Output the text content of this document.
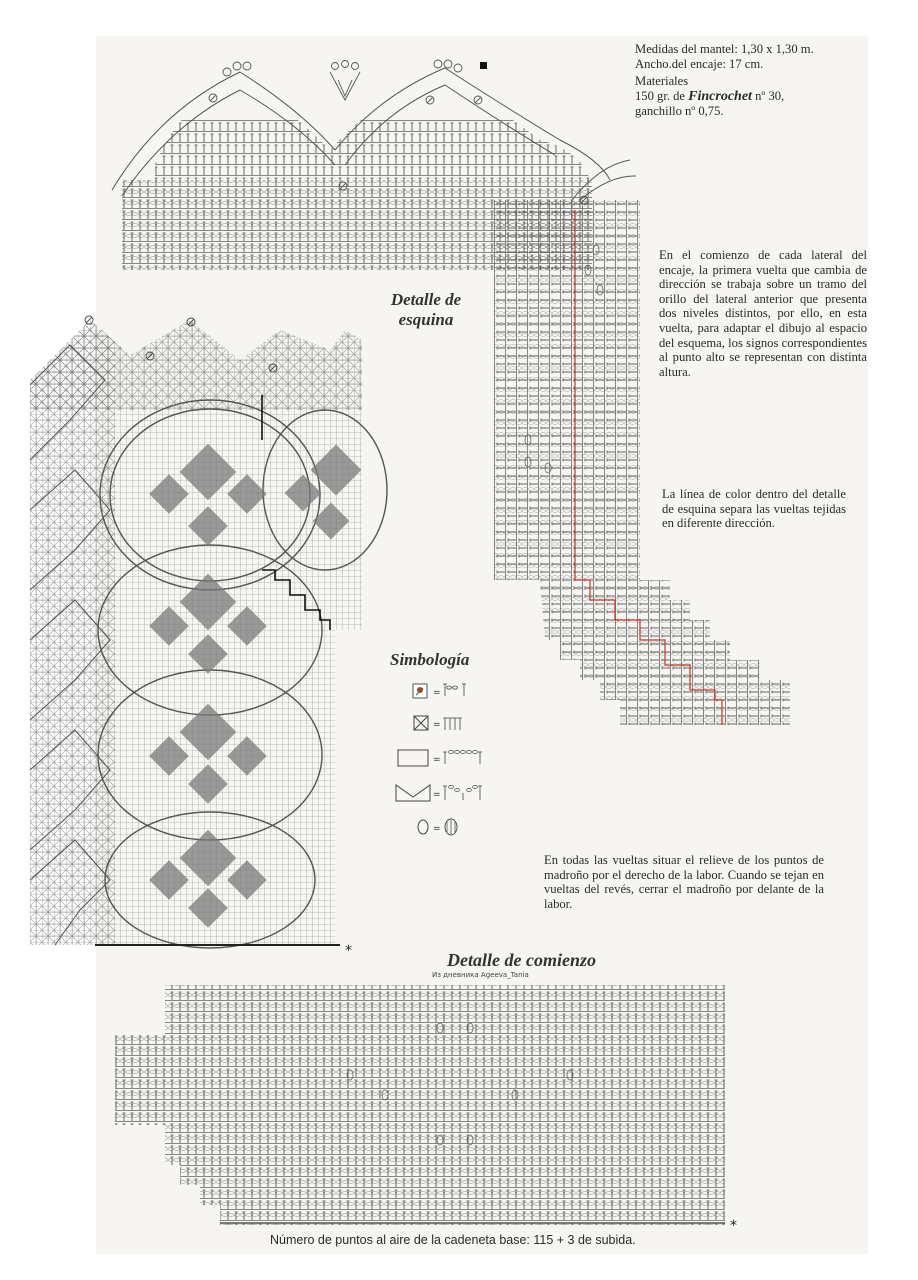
Medidas del mantel: 1,30 x 1,30 m.
Ancho.del encaje: 17 cm.
Materiales
150 gr. de Fincrochet nº 30,
ganchillo nº 0,75.
En el comienzo de cada lateral del encaje, la primera vuelta que cambia de dirección se trabaja sobre un tramo del orillo del lateral anterior que presenta dos niveles distintos, por ello, en esta vuelta, para adaptar el dibujo al espacio del esquema, los signos correspondientes al punto alto se representan con distinta altura.
La línea de color dentro del detalle de esquina separa las vueltas tejidas en diferente dirección.
En todas las vueltas situar el relieve de los puntos de madroño por el derecho de la labor. Cuando se tejan en vueltas del revés, cerrar el madroño por delante de la labor.
Detalle de
esquina
Simbología
Detalle de comienzo
Из дневника Ageeva_Tania
Número de puntos al aire de la cadeneta base: 115 + 3 de subida.
*
*
=
=
=
=
=
